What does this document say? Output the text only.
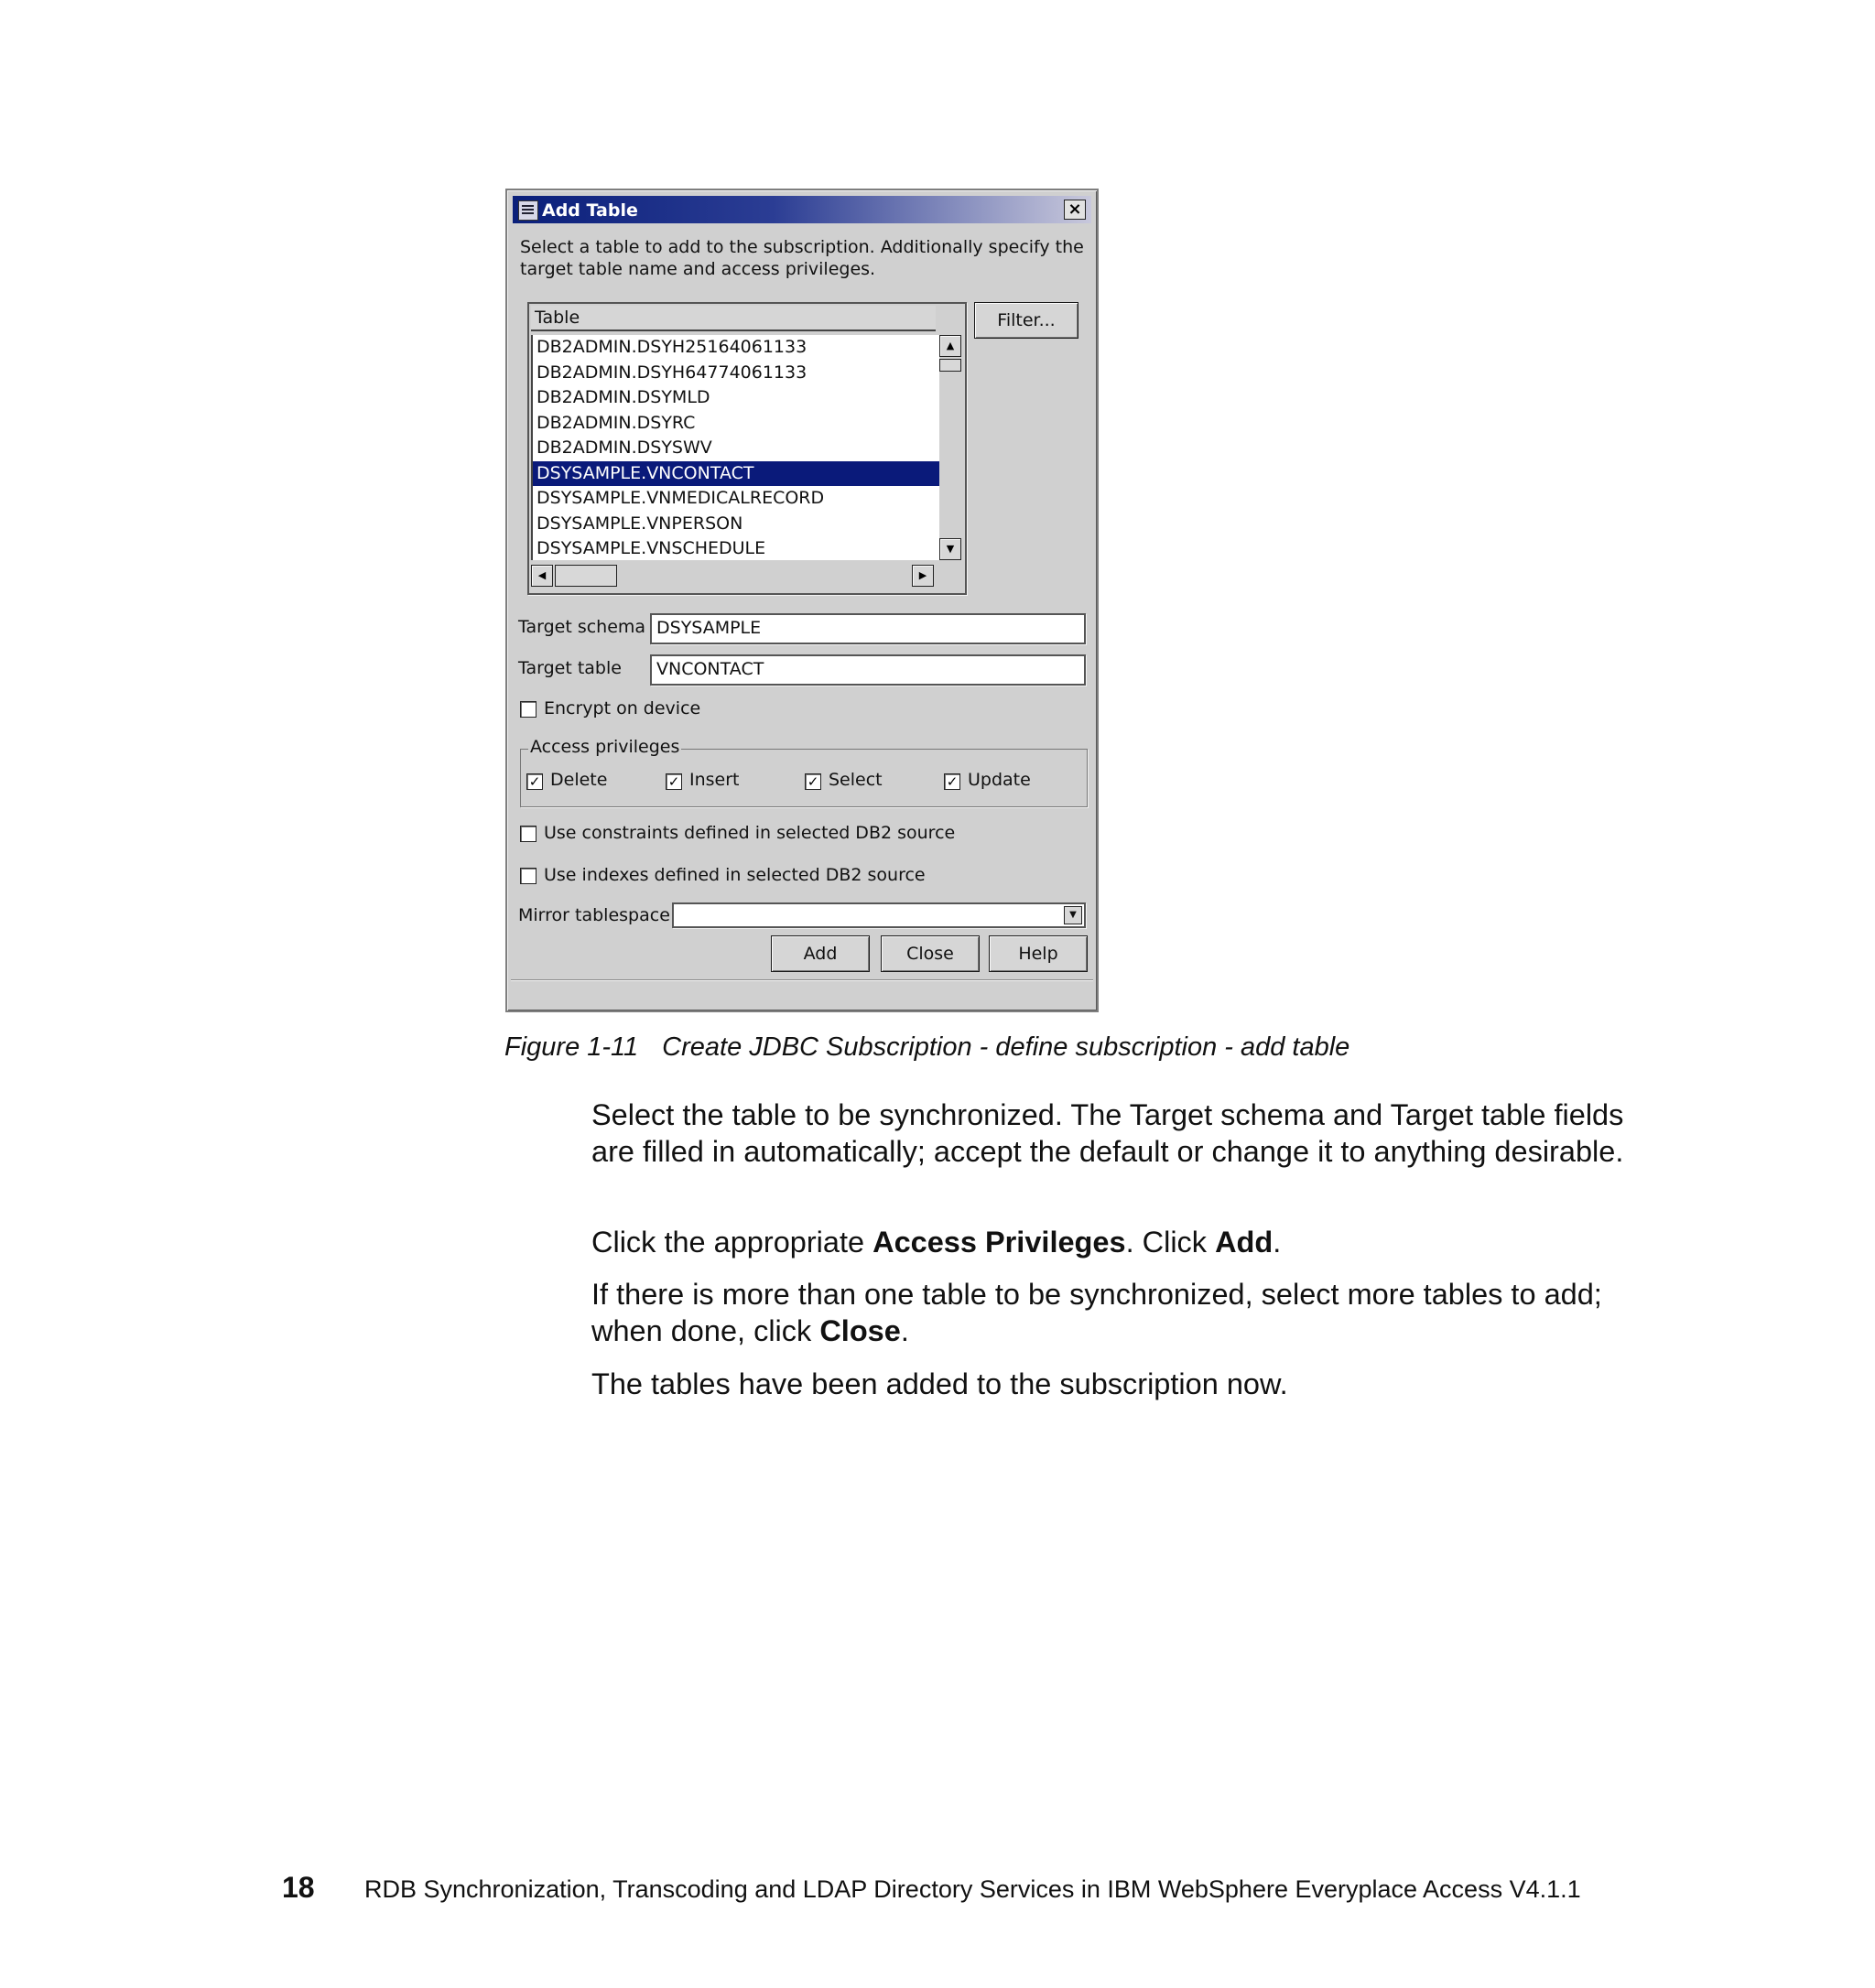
Add Table	×
Select a table to add to the subscription. Additionally specify the target table name and access privileges.
Table
DB2ADMIN.DSYH25164061133
DB2ADMIN.DSYH64774061133
DB2ADMIN.DSYMLD
DB2ADMIN.DSYRC
DB2ADMIN.DSYSWV
DSYSAMPLE.VNCONTACT
DSYSAMPLE.VNMEDICALRECORD
DSYSAMPLE.VNPERSON
DSYSAMPLE.VNSCHEDULE
▲
▼
◀	▶
Filter...
Target schema DSYSAMPLE
Target table	VNCONTACT
Encrypt on device
Access privileges
✓ Delete	✓ Insert	✓ Select	✓ Update
Use constraints defined in selected DB2 source
Use indexes defined in selected DB2 source
Mirror tablespace	▼
Add	Close	Help
Figure 1-11 Create JDBC Subscription - define subscription - add table

Select the table to be synchronized. The Target schema and Target table fields are filled in automatically; accept the default or change it to anything desirable.

Click the appropriate Access Privileges. Click Add.

If there is more than one table to be synchronized, select more tables to add; when done, click Close.

The tables have been added to the subscription now.

18 RDB Synchronization, Transcoding and LDAP Directory Services in IBM WebSphere Everyplace Access V4.1.1
